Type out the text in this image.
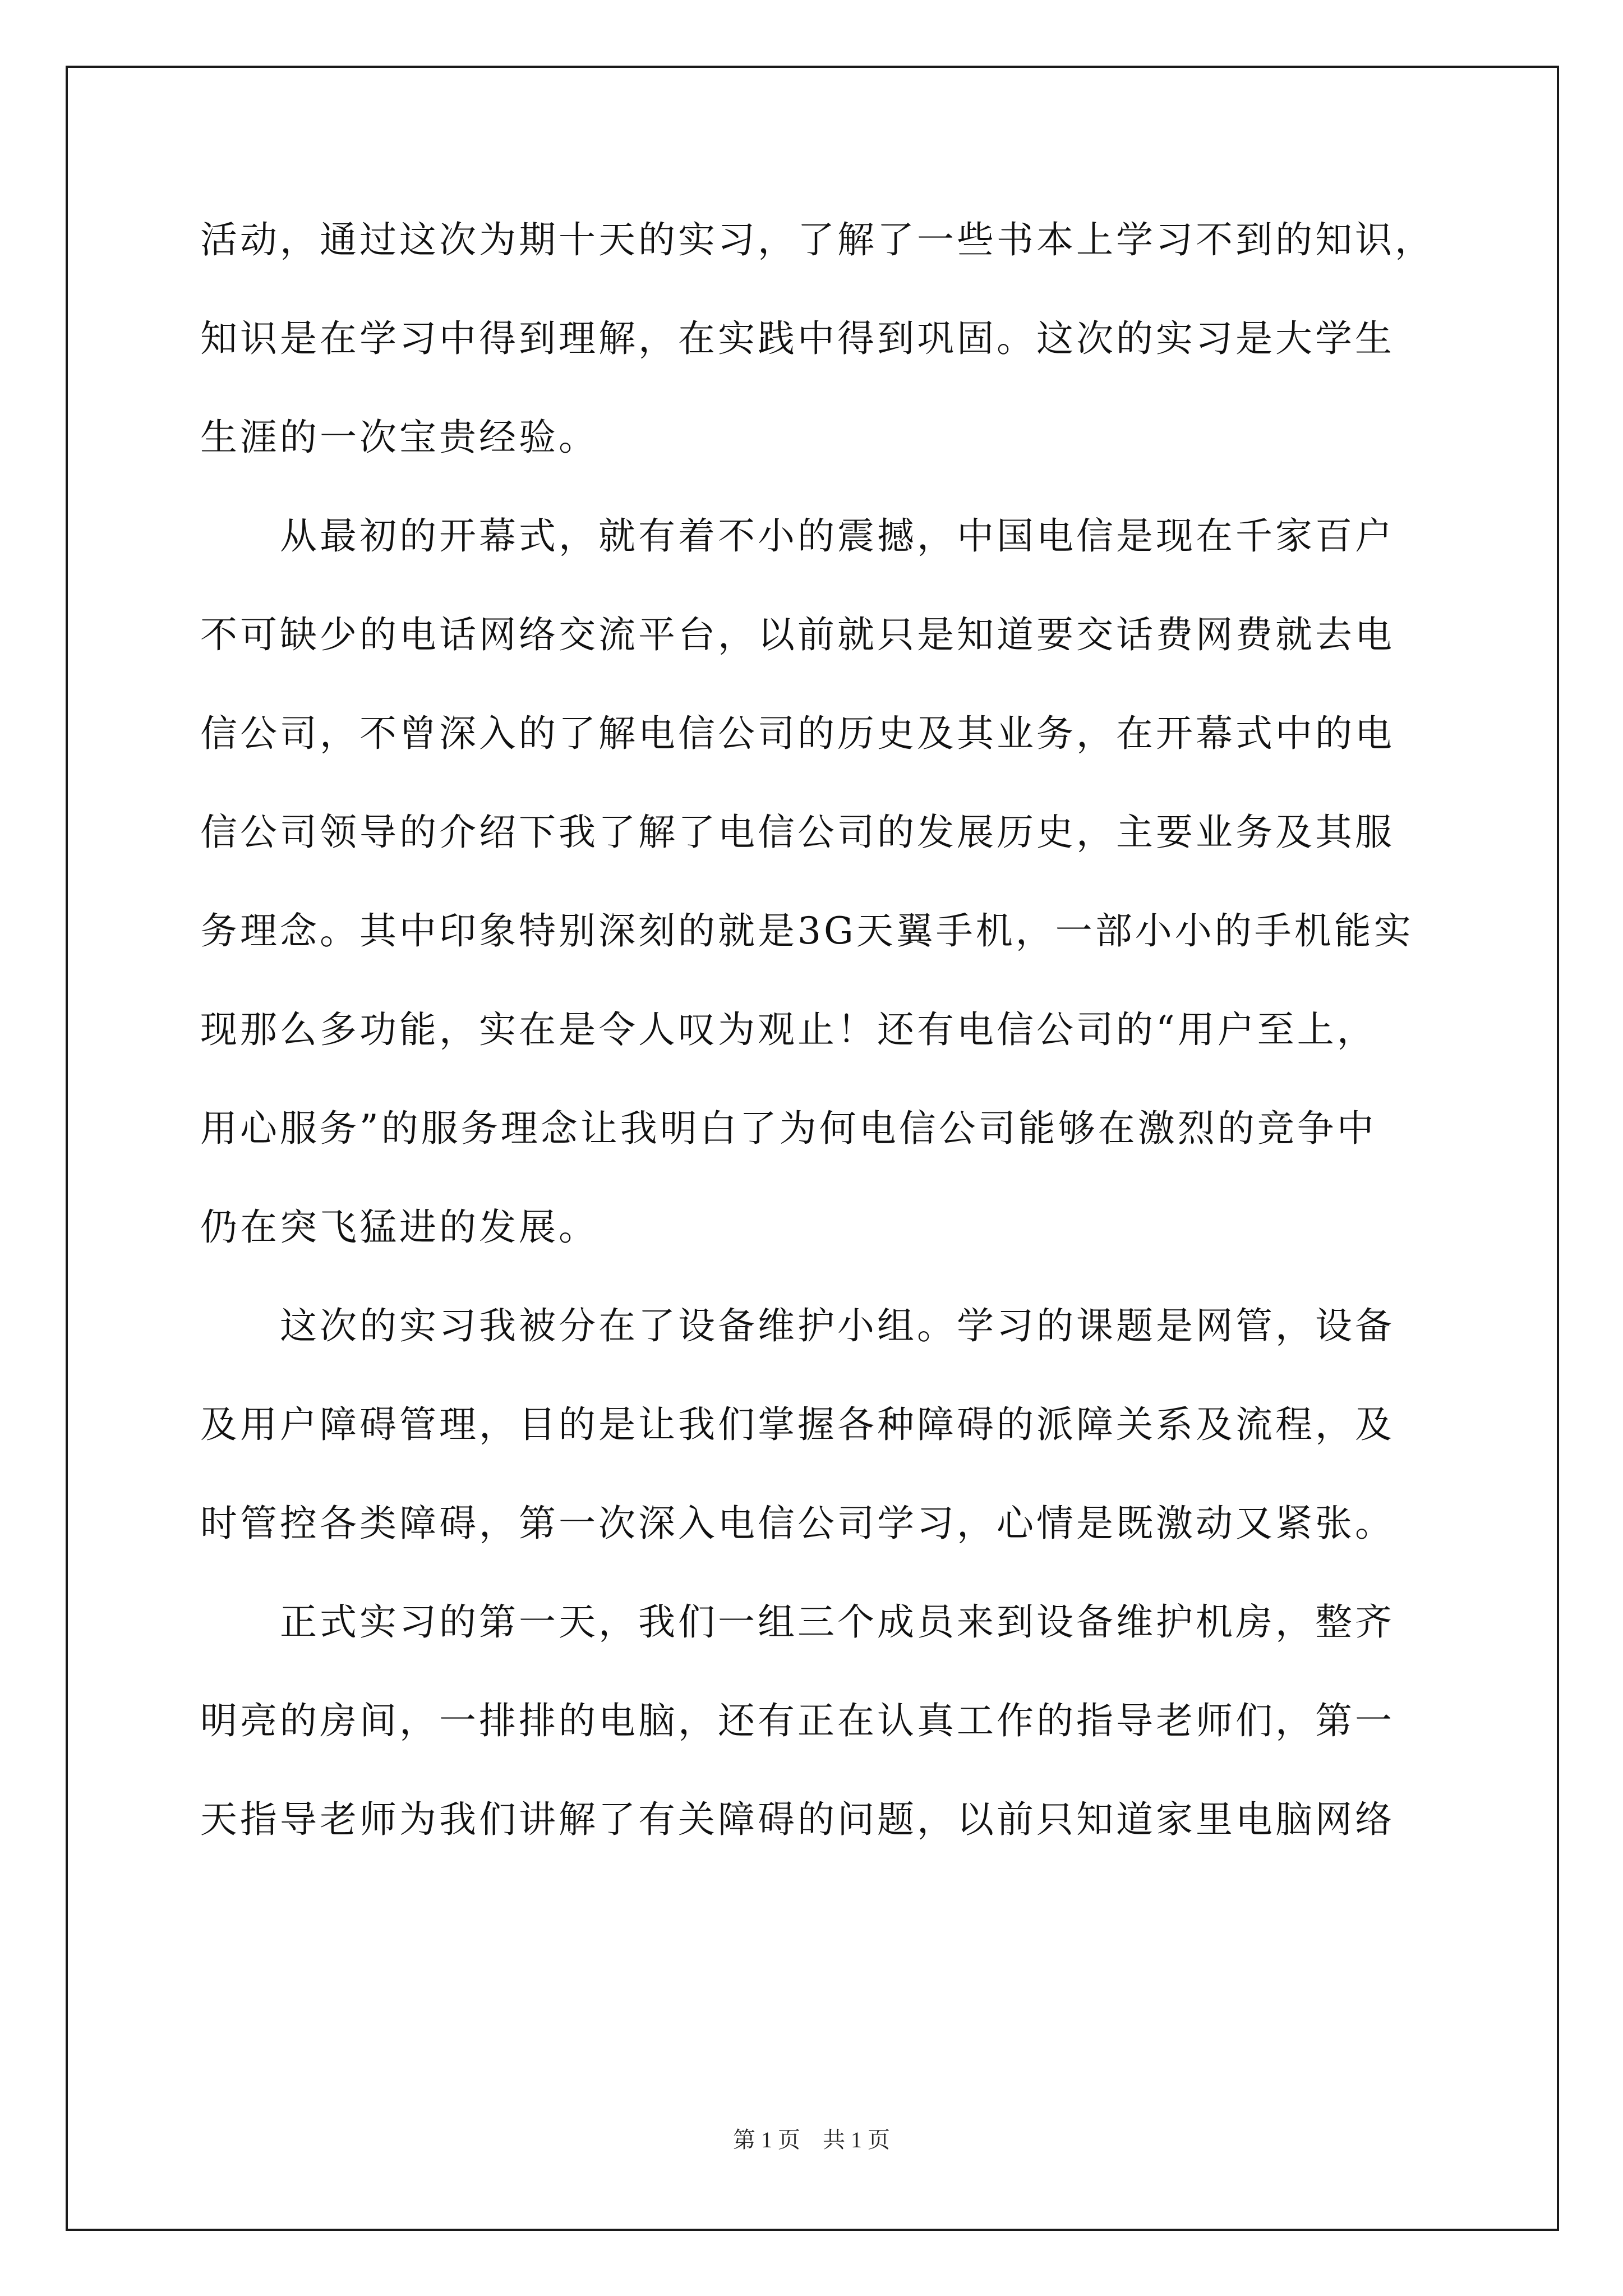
活动，通过这次为期十天的实习，了解了一些书本上学习不到的知识，
知识是在学习中得到理解，在实践中得到巩固。这次的实习是大学生
生涯的一次宝贵经验。
　　从最初的开幕式，就有着不小的震撼，中国电信是现在千家百户
不可缺少的电话网络交流平台，以前就只是知道要交话费网费就去电
信公司，不曾深入的了解电信公司的历史及其业务，在开幕式中的电
信公司领导的介绍下我了解了电信公司的发展历史，主要业务及其服
务理念。其中印象特别深刻的就是3G天翼手机，一部小小的手机能实
现那么多功能，实在是令人叹为观止！还有电信公司的“用户至上，
用心服务”的服务理念让我明白了为何电信公司能够在激烈的竞争中
仍在突飞猛进的发展。
　　这次的实习我被分在了设备维护小组。学习的课题是网管，设备
及用户障碍管理，目的是让我们掌握各种障碍的派障关系及流程，及
时管控各类障碍，第一次深入电信公司学习，心情是既激动又紧张。
　　正式实习的第一天，我们一组三个成员来到设备维护机房，整齐
明亮的房间，一排排的电脑，还有正在认真工作的指导老师们，第一
天指导老师为我们讲解了有关障碍的问题，以前只知道家里电脑网络
第 1 页　共 1 页
